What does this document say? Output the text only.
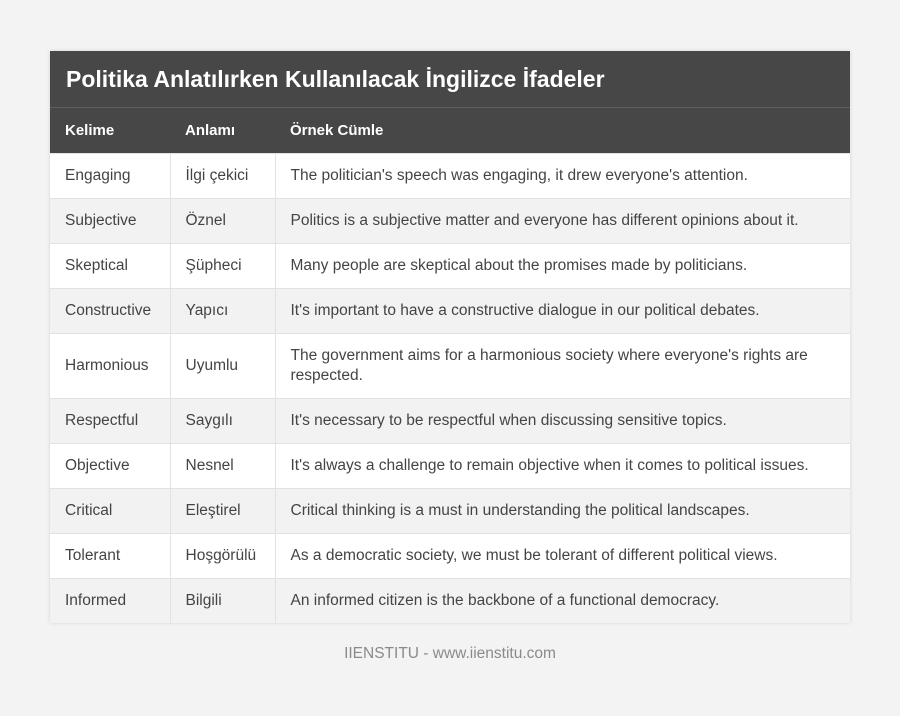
Politika Anlatılırken Kullanılacak İngilizce İfadeler
Kelime	Anlamı	Örnek Cümle
Engaging	İlgi çekici	The politician's speech was engaging, it drew everyone's attention.
Subjective	Öznel	Politics is a subjective matter and everyone has different opinions about it.
Skeptical	Şüpheci	Many people are skeptical about the promises made by politicians.
Constructive	Yapıcı	It's important to have a constructive dialogue in our political debates.
Harmonious	Uyumlu	The government aims for a harmonious society where everyone's rights are respected.
Respectful	Saygılı	It's necessary to be respectful when discussing sensitive topics.
Objective	Nesnel	It's always a challenge to remain objective when it comes to political issues.
Critical	Eleştirel	Critical thinking is a must in understanding the political landscapes.
Tolerant	Hoşgörülü	As a democratic society, we must be tolerant of different political views.
Informed	Bilgili	An informed citizen is the backbone of a functional democracy.
IIENSTITU - www.iienstitu.com
